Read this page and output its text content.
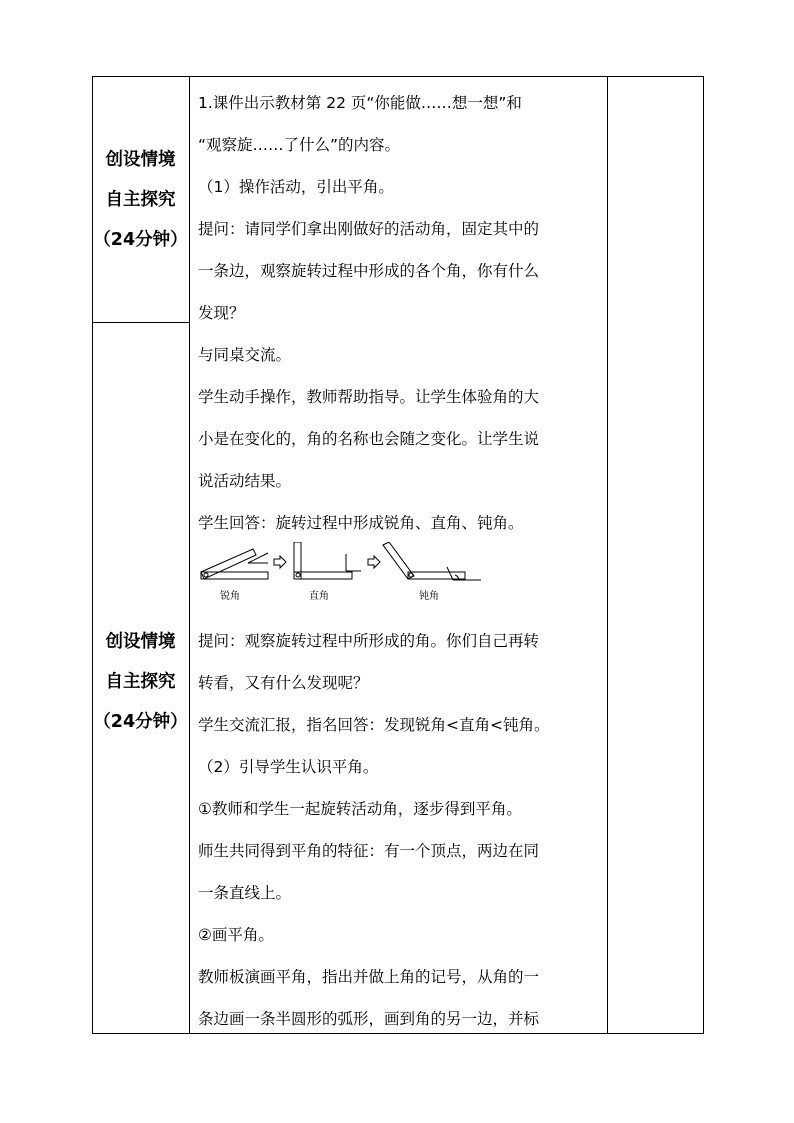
创设情境
自主探究
（24分钟）
创设情境
自主探究
（24分钟）

1.课件出示教材第 22 页“你能做……想一想”和

“观察旋……了什么”的内容。

（1）操作活动，引出平角。

提问：请同学们拿出刚做好的活动角，固定其中的

一条边，观察旋转过程中形成的各个角，你有什么

发现？

与同桌交流。

学生动手操作，教师帮助指导。让学生体验角的大

小是在变化的，角的名称也会随之变化。让学生说

说活动结果。

学生回答：旋转过程中形成锐角、直角、钝角。

锐角	直角	钝角

提问：观察旋转过程中所形成的角。你们自己再转

转看，又有什么发现呢？

学生交流汇报，指名回答：发现锐角<直角<钝角。

（2）引导学生认识平角。

①教师和学生一起旋转活动角，逐步得到平角。

师生共同得到平角的特征：有一个顶点，两边在同

一条直线上。

②画平角。

教师板演画平角，指出并做上角的记号，从角的一

条边画一条半圆形的弧形，画到角的另一边，并标
